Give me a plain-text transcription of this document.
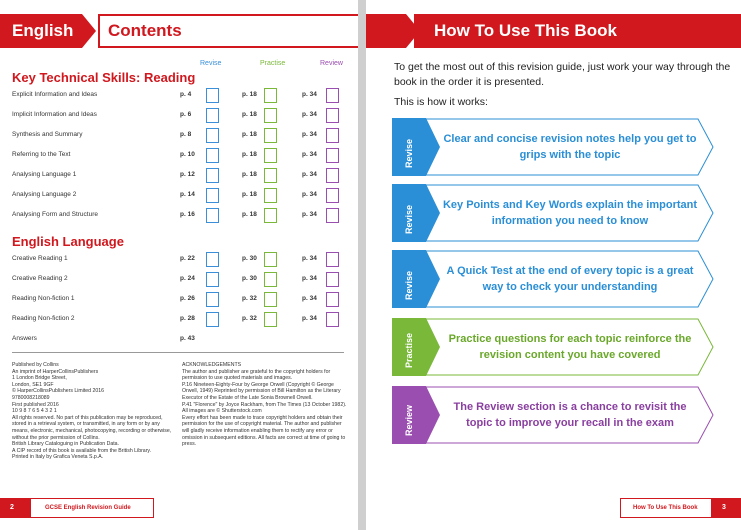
English	Contents
Revise	Practise	Review
Published by Collins
An imprint of HarperCollinsPublishers
1 London Bridge Street,
London, SE1 9GF
© HarperCollinsPublishers Limited 2016
9780008218089
First published 2016
10 9 8 7 6 5 4 3 2 1
All rights reserved. No part of this publication may be reproduced, stored in a retrieval system, or transmitted, in any form or by any means, electronic, mechanical, photocopying, recording or otherwise, without the prior permission of Collins.
British Library Cataloguing in Publication Data.
A CIP record of this book is available from the British Library.
Printed in Italy by Grafica Veneta S.p.A.
ACKNOWLEDGEMENTS
The author and publisher are grateful to the copyright holders for permission to use quoted materials and images.
P.16 Nineteen-Eighty-Four by George Orwell (Copyright © George Orwell, 1949) Reprinted by permission of Bill Hamilton as the Literary Executor of the Estate of the Late Sonia Brownell Orwell.
P.41 "Florence" by Joyce Rackham, from The Times (13 October 1982).
All images are © Shutterstock.com
Every effort has been made to trace copyright holders and obtain their permission for the use of copyright material. The author and publisher will gladly receive information enabling them to rectify any error or omission in subsequent editions. All facts are correct at time of going to press.
2	GCSE English Revision Guide
Key Technical Skills: Reading
Explicit Information and Ideas	p. 4	p. 18	p. 34
Implicit Information and Ideas	p. 6	p. 18	p. 34
Synthesis and Summary	p. 8	p. 18	p. 34
Referring to the Text	p. 10	p. 18	p. 34
Analysing Language 1	p. 12	p. 18	p. 34
Analysing Language 2	p. 14	p. 18	p. 34
Analysing Form and Structure	p. 16	p. 18	p. 34
English Language
Creative Reading 1	p. 22	p. 30	p. 34
Creative Reading 2	p. 24	p. 30	p. 34
Reading Non-fiction 1	p. 26	p. 32	p. 34
Reading Non-fiction 2	p. 28	p. 32	p. 34
Answers	p. 43
How To Use This Book
To get the most out of this revision guide, just work your way through the book in the order it is presented.
This is how it works:
How To Use This Book	3
Revise	Clear and concise revision notes help you get to grips with the topic
Revise	Key Points and Key Words explain the important information you need to know
Revise	A Quick Test at the end of every topic is a great way to check your understanding
Practise	Practice questions for each topic reinforce the revision content you have covered
Review	The Review section is a chance to revisit the topic to improve your recall in the exam
